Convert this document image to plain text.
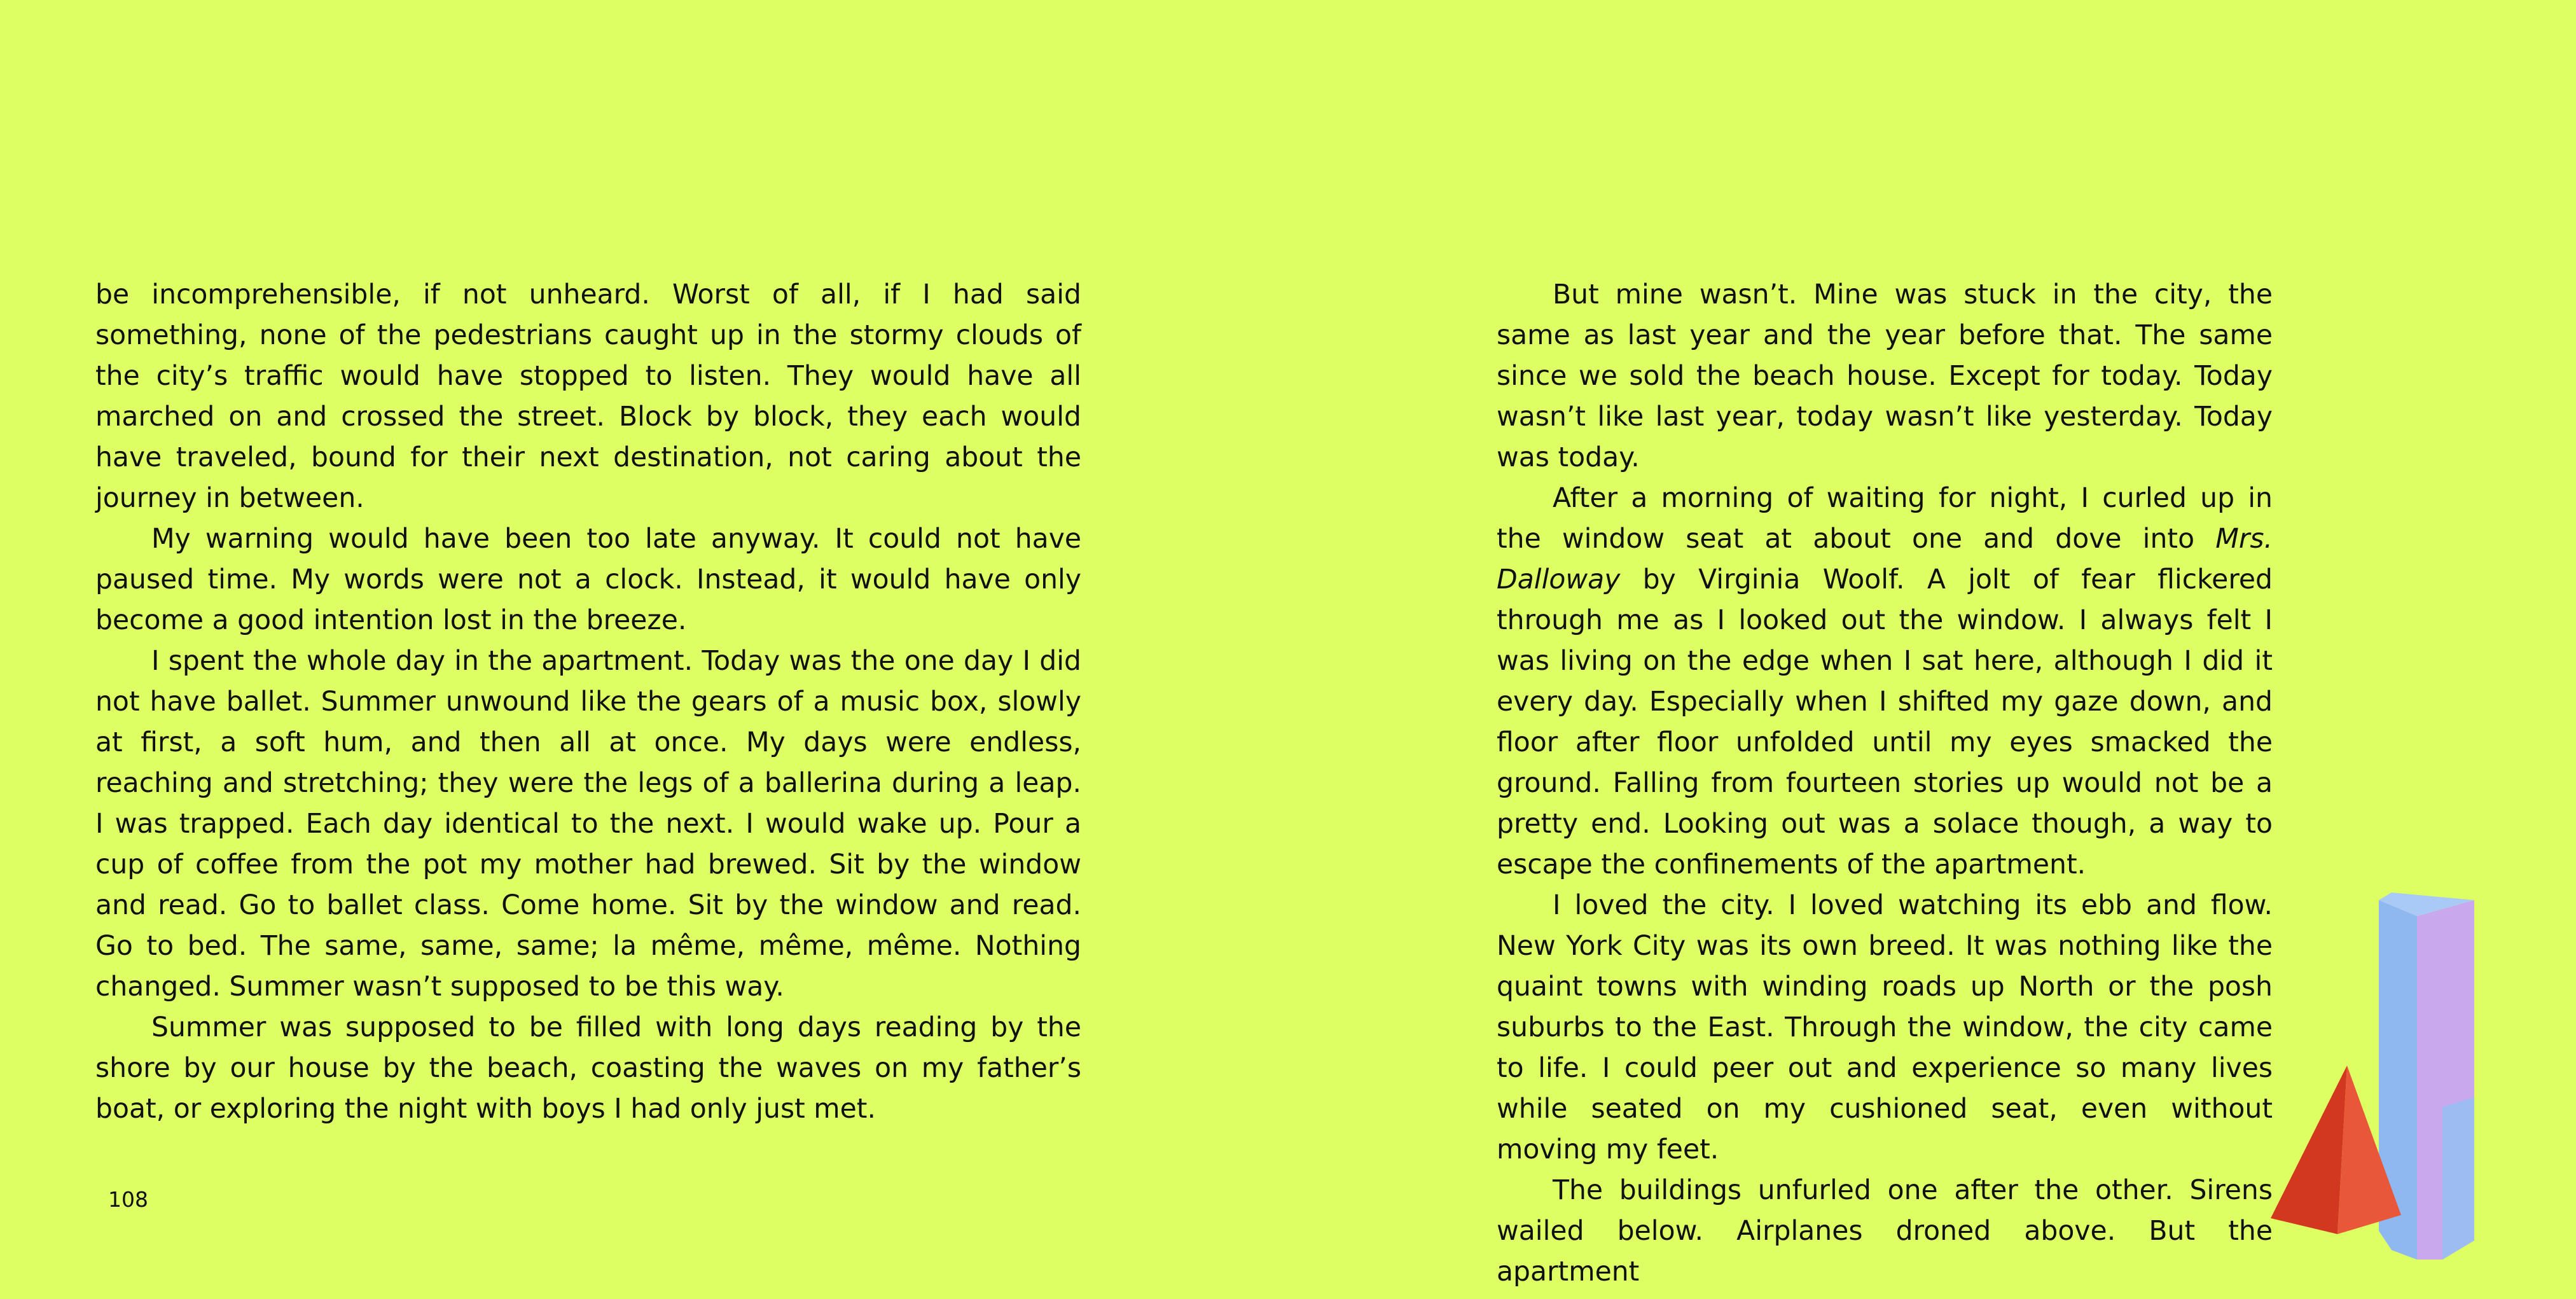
be incomprehensible, if not unheard. Worst of all, if I had said something, none of the pedestrians caught up in the stormy clouds of the city’s traffic would have stopped to listen. They would have all marched on and crossed the street. Block by block, they each would have traveled, bound for their next destination, not caring about the journey in between.

My warning would have been too late anyway. It could not have paused time. My words were not a clock. Instead, it would have only become a good intention lost in the breeze.

I spent the whole day in the apartment. Today was the one day I did not have ballet. Summer unwound like the gears of a music box, slowly at first, a soft hum, and then all at once. My days were endless, reaching and stretching; they were the legs of a ballerina during a leap. I was trapped. Each day identical to the next. I would wake up. Pour a cup of coffee from the pot my mother had brewed. Sit by the window and read. Go to ballet class. Come home. Sit by the window and read. Go to bed. The same, same, same; la même, même, même. Nothing changed. Summer wasn’t supposed to be this way.

Summer was supposed to be filled with long days reading by the shore by our house by the beach, coasting the waves on my father’s boat, or exploring the night with boys I had only just met.

108

But mine wasn’t. Mine was stuck in the city, the same as last year and the year before that. The same since we sold the beach house. Except for today. Today wasn’t like last year, today wasn’t like yesterday. Today was today.

After a morning of waiting for night, I curled up in the window seat at about one and dove into Mrs. Dalloway by Virginia Woolf. A jolt of fear flickered through me as I looked out the window. I always felt I was living on the edge when I sat here, although I did it every day. Especially when I shifted my gaze down, and floor after floor unfolded until my eyes smacked the ground. Falling from fourteen stories up would not be a pretty end. Looking out was a solace though, a way to escape the confinements of the apartment.

I loved the city. I loved watching its ebb and flow. New York City was its own breed. It was nothing like the quaint towns with winding roads up North or the posh suburbs to the East. Through the window, the city came to life. I could peer out and experience so many lives while seated on my cushioned seat, even without moving my feet.

The buildings unfurled one after the other. Sirens wailed below. Airplanes droned above. But the apartment
